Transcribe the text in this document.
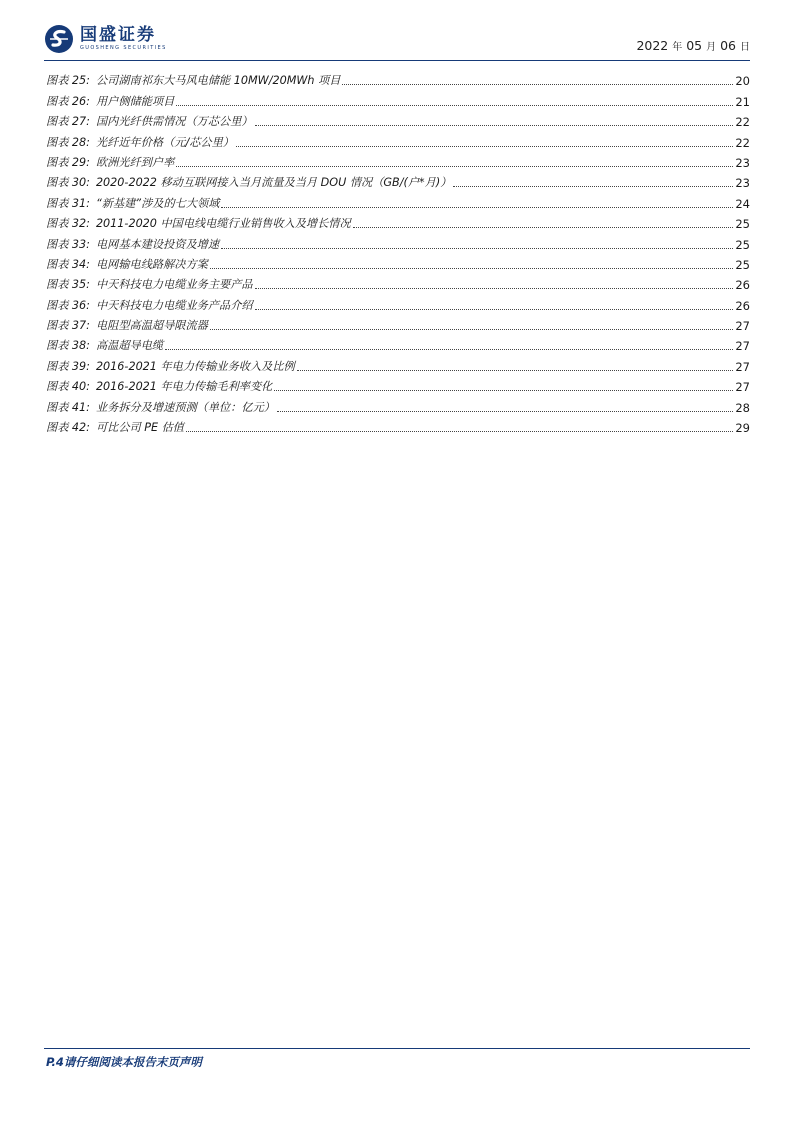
国盛证券
GUOSHENG SECURITIES	2022 年 05 月 06 日
图表 25: 公司湖南祁东大马风电储能 10MW/20MWh 项目	20
图表 26: 用户侧储能项目	21
图表 27: 国内光纤供需情况（万芯公里）	22
图表 28: 光纤近年价格（元/芯公里）	22
图表 29: 欧洲光纤到户率	23
图表 30: 2020-2022 移动互联网接入当月流量及当月 DOU 情况（GB/(户*月)）	23
图表 31: “新基建”涉及的七大领域	24
图表 32: 2011-2020 中国电线电缆行业销售收入及增长情况	25
图表 33: 电网基本建设投资及增速	25
图表 34: 电网输电线路解决方案	25
图表 35: 中天科技电力电缆业务主要产品	26
图表 36: 中天科技电力电缆业务产品介绍	26
图表 37: 电阻型高温超导限流器	27
图表 38: 高温超导电缆	27
图表 39: 2016-2021 年电力传输业务收入及比例	27
图表 40: 2016-2021 年电力传输毛利率变化	27
图表 41: 业务拆分及增速预测（单位：亿元）	28
图表 42: 可比公司 PE 估值	29
P.4请仔细阅读本报告末页声明
